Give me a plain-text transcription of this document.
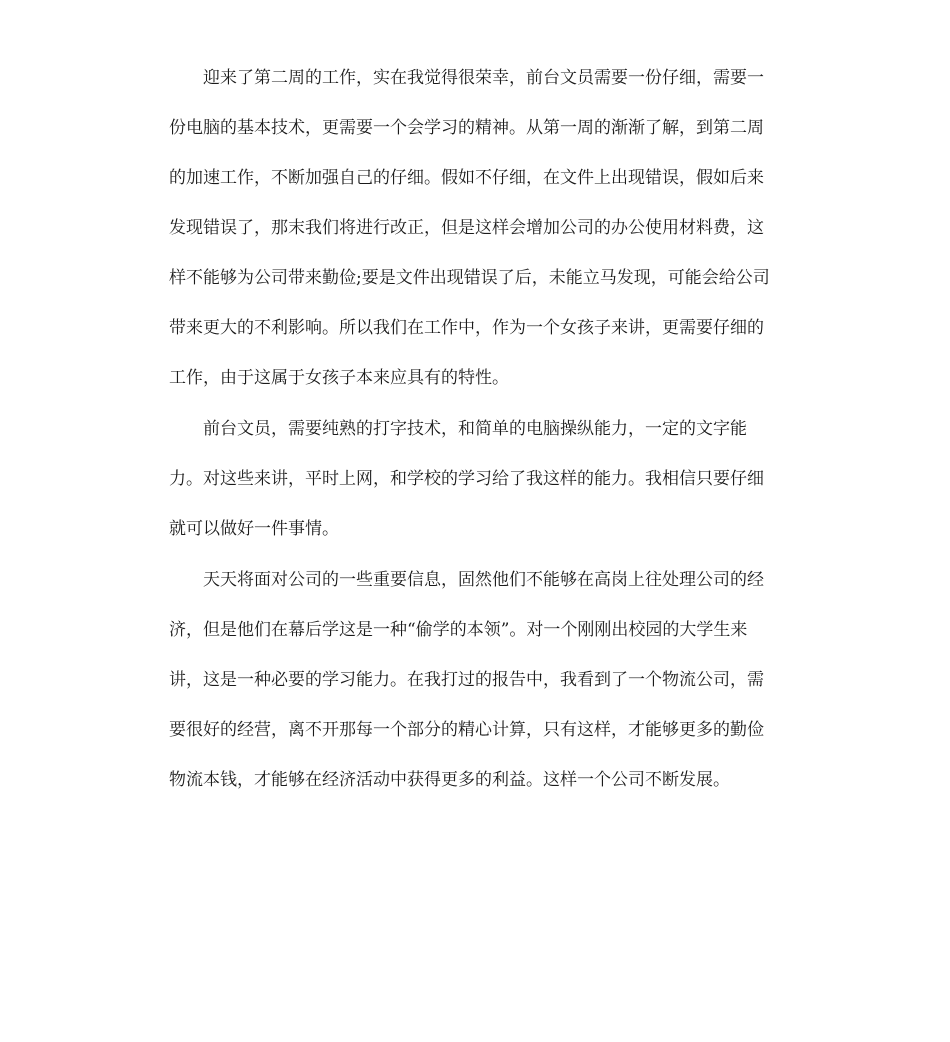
迎来了第二周的工作，实在我觉得很荣幸，前台文员需要一份仔细，需要一

份电脑的基本技术，更需要一个会学习的精神。从第一周的渐渐了解，到第二周

的加速工作，不断加强自己的仔细。假如不仔细，在文件上出现错误，假如后来

发现错误了，那末我们将进行改正，但是这样会增加公司的办公使用材料费，这

样不能够为公司带来勤俭;要是文件出现错误了后，未能立马发现，可能会给公司

带来更大的不利影响。所以我们在工作中，作为一个女孩子来讲，更需要仔细的

工作，由于这属于女孩子本来应具有的特性。

前台文员，需要纯熟的打字技术，和简单的电脑操纵能力，一定的文字能

力。对这些来讲，平时上网，和学校的学习给了我这样的能力。我相信只要仔细

就可以做好一件事情。

天天将面对公司的一些重要信息，固然他们不能够在高岗上往处理公司的经

济，但是他们在幕后学这是一种“偷学的本领”。对一个刚刚出校园的大学生来

讲，这是一种必要的学习能力。在我打过的报告中，我看到了一个物流公司，需

要很好的经营，离不开那每一个部分的精心计算，只有这样，才能够更多的勤俭

物流本钱，才能够在经济活动中获得更多的利益。这样一个公司不断发展。
